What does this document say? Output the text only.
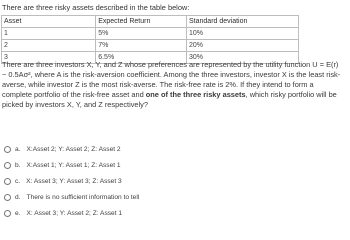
There are three risky assets described in the table below:
Asset	Expected Return	Standard deviation
1	5%	10%
2	7%	20%
3	6.5%	30%
There are three investors X, Y, and Z whose preferences are represented by the utility function U = E(r) − 0.5Aσ², where A is the risk-aversion coefficient. Among the three investors, investor X is the least risk-averse, while investor Z is the most risk-averse. The risk-free rate is 2%. If they intend to form a complete portfolio of the risk-free asset and one of the three risky assets, which risky portfolio will be picked by investors X, Y, and Z respectively?
a. X:Asset 2; Y: Asset 2; Z: Asset 2
b. X:Asset 1; Y: Asset 1; Z: Asset 1
c. X: Asset 3; Y: Asset 3; Z: Asset 3
d. There is no sufficient information to tell
e. X: Asset 3; Y: Asset 2; Z: Asset 1
